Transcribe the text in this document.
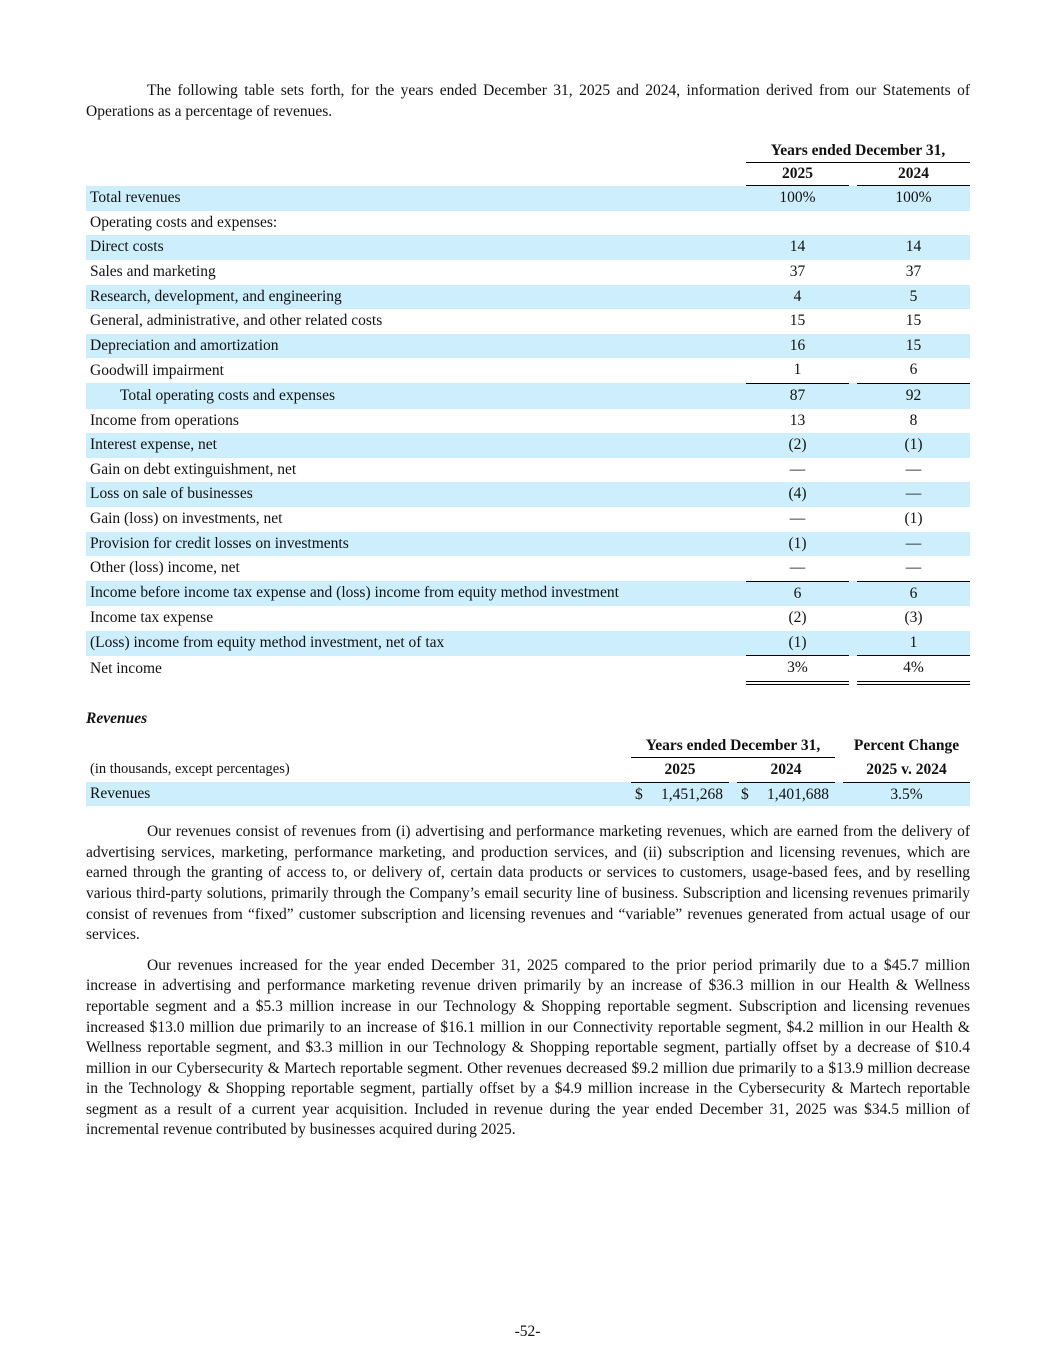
The following table sets forth, for the years ended December 31, 2025 and 2024, information derived from our Statements of Operations as a percentage of revenues.

		Years ended December 31,		
		2025		2024
Total revenues		100%		100%
Operating costs and expenses:				
Direct costs		14		14
Sales and marketing		37		37
Research, development, and engineering		4		5
General, administrative, and other related costs		15		15
Depreciation and amortization		16		15
Goodwill impairment		1		6
Total operating costs and expenses		87		92
Income from operations		13		8
Interest expense, net		(2)		(1)
Gain on debt extinguishment, net		—		—
Loss on sale of businesses		(4)		—
Gain (loss) on investments, net		—		(1)
Provision for credit losses on investments		(1)		—
Other (loss) income, net		—		—
Income before income tax expense and (loss) income from equity method investment		6		6
Income tax expense		(2)		(3)
(Loss) income from equity method investment, net of tax		(1)		1
Net income		3%		4%
Revenues
		Years ended December 31,				Percent Change
(in thousands, except percentages)		2025		2024		2025 v. 2024
Revenues		$ 1,451,268		$ 1,401,688		3.5%

Our revenues consist of revenues from (i) advertising and performance marketing revenues, which are earned from the delivery of advertising services, marketing, performance marketing, and production services, and (ii) subscription and licensing revenues, which are earned through the granting of access to, or delivery of, certain data products or services to customers, usage-based fees, and by reselling various third-party solutions, primarily through the Company’s email security line of business. Subscription and licensing revenues primarily consist of revenues from “fixed” customer subscription and licensing revenues and “variable” revenues generated from actual usage of our services.

Our revenues increased for the year ended December 31, 2025 compared to the prior period primarily due to a $45.7 million increase in advertising and performance marketing revenue driven primarily by an increase of $36.3 million in our Health & Wellness reportable segment and a $5.3 million increase in our Technology & Shopping reportable segment. Subscription and licensing revenues increased $13.0 million due primarily to an increase of $16.1 million in our Connectivity reportable segment, $4.2 million in our Health & Wellness reportable segment, and $3.3 million in our Technology & Shopping reportable segment, partially offset by a decrease of $10.4 million in our Cybersecurity & Martech reportable segment. Other revenues decreased $9.2 million due primarily to a $13.9 million decrease in the Technology & Shopping reportable segment, partially offset by a $4.9 million increase in the Cybersecurity & Martech reportable segment as a result of a current year acquisition. Included in revenue during the year ended December 31, 2025 was $34.5 million of incremental revenue contributed by businesses acquired during 2025.

-52-
